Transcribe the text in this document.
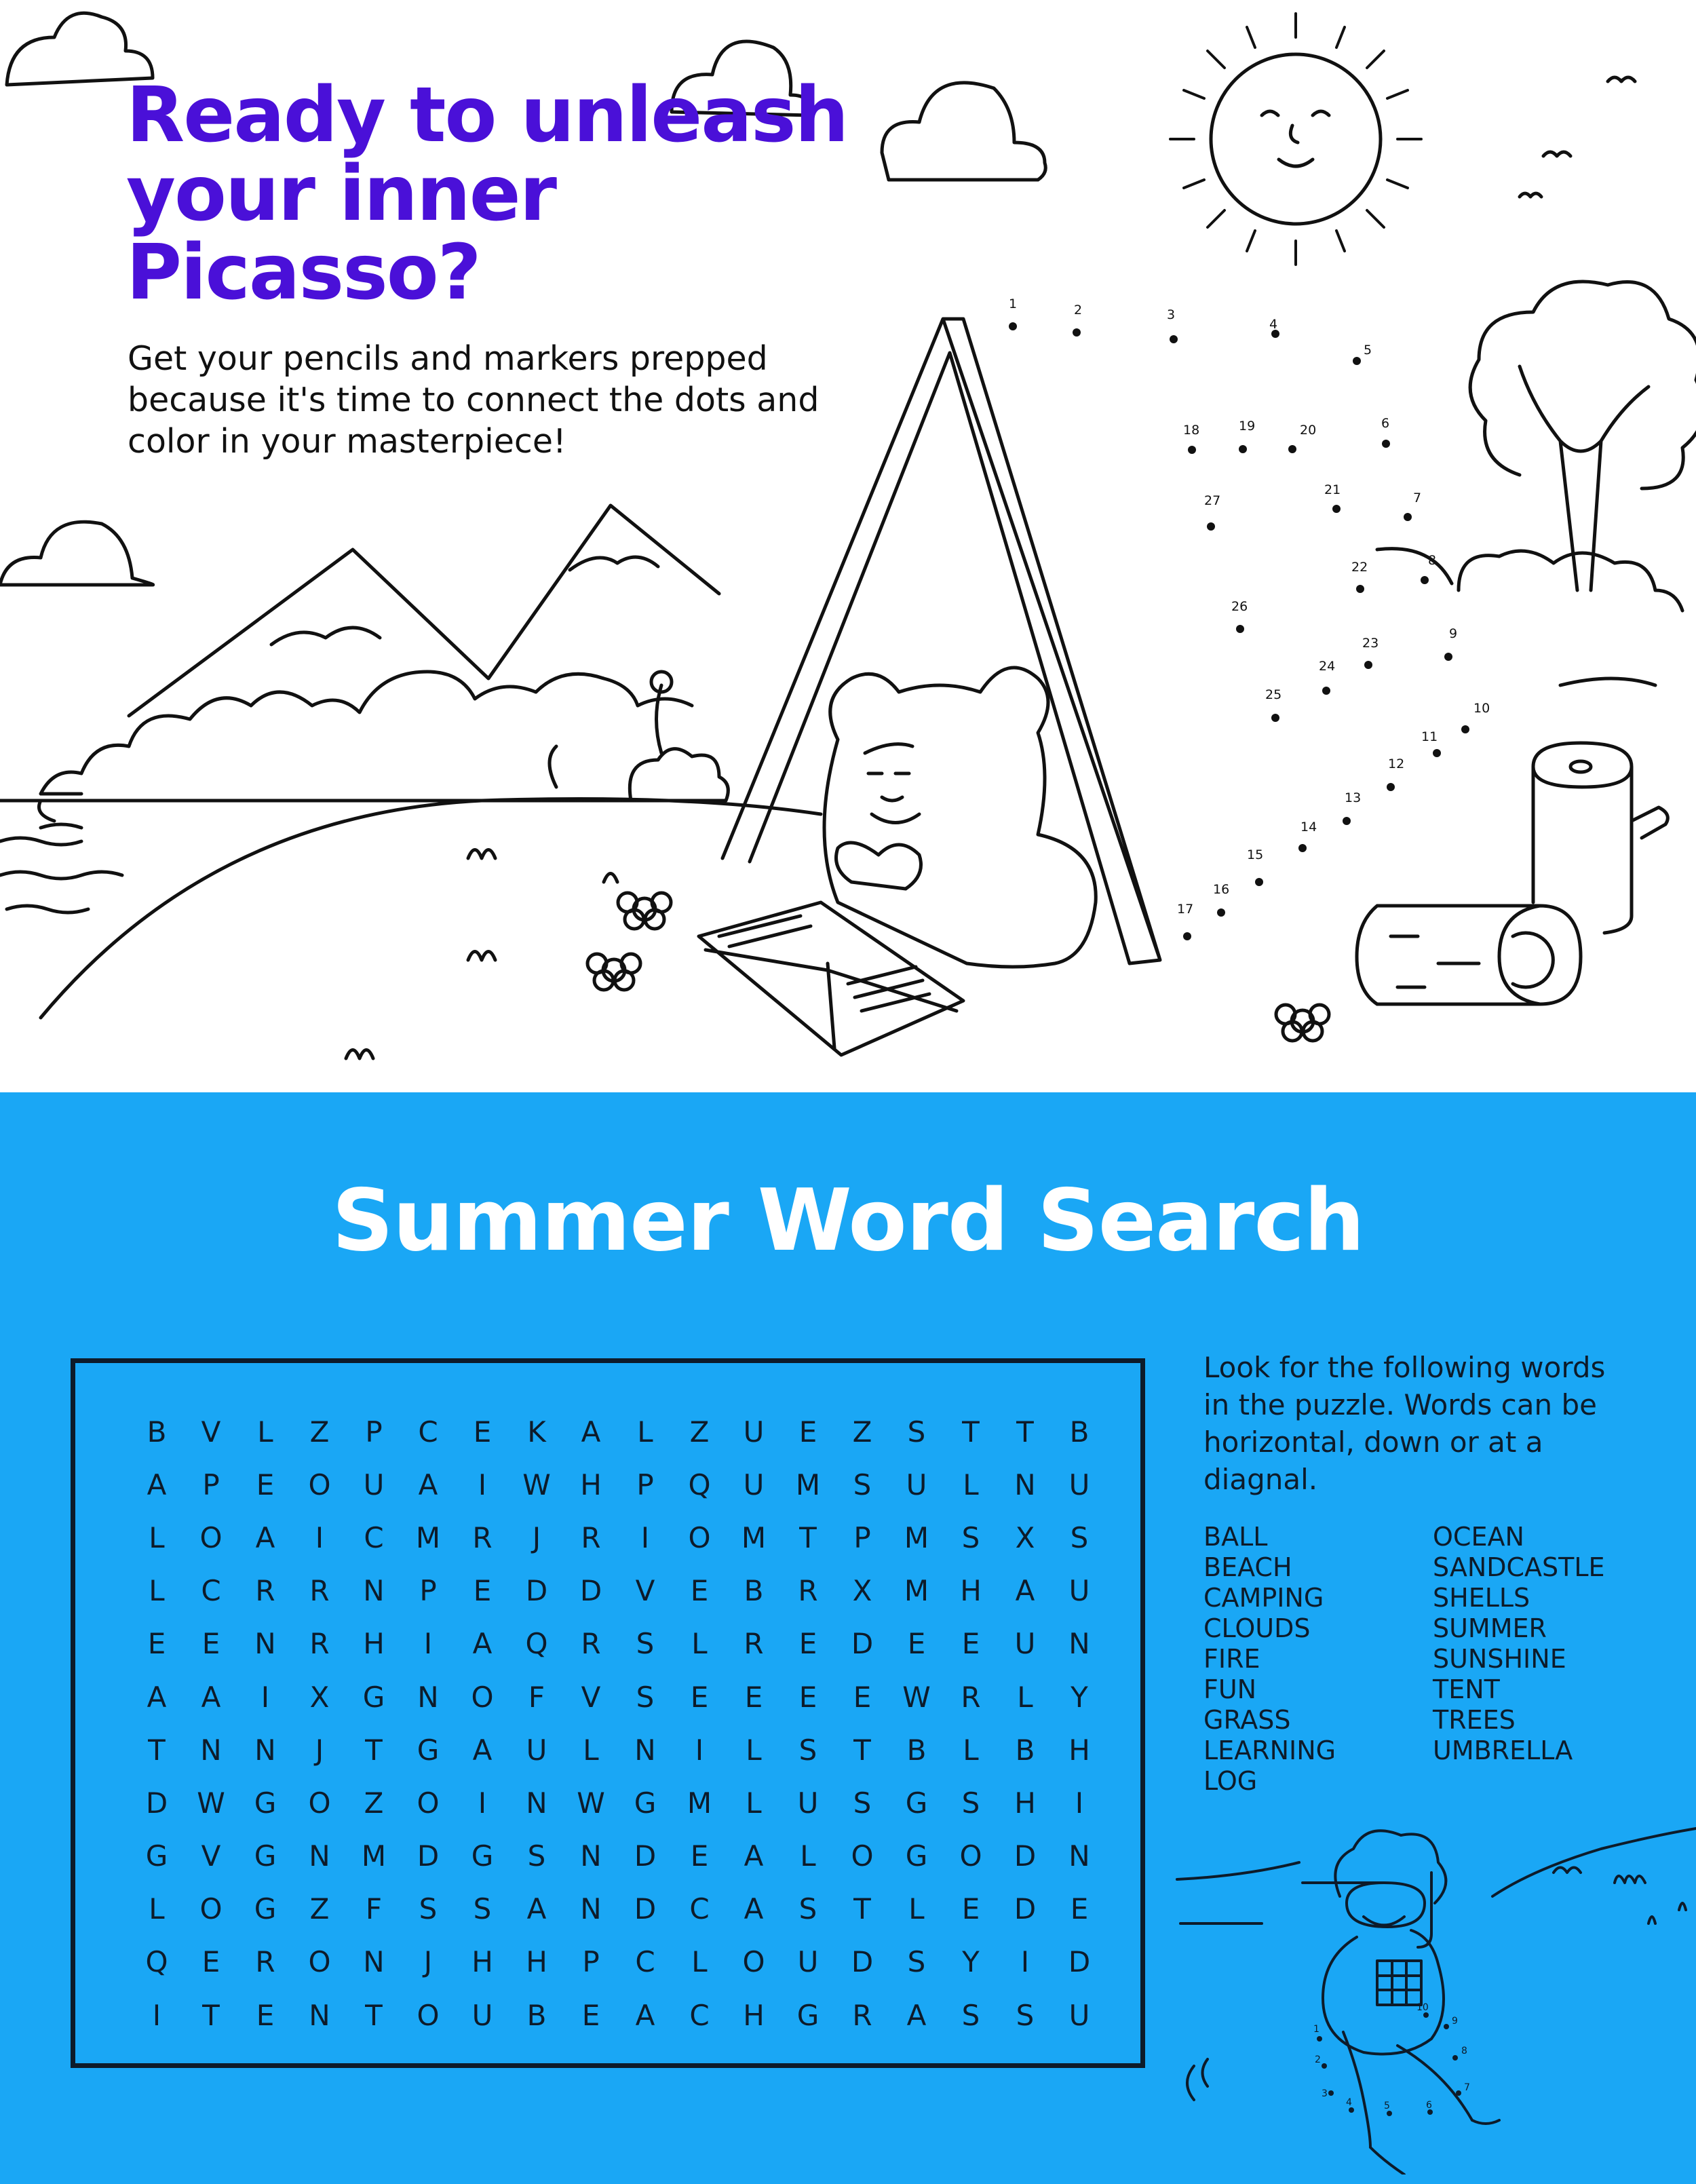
1	2	3
4
5
6
7
8
9
10
11
12
13
14
15
16
17
18	19	20
21
22
23
24
25
26
27
Ready to unleash your inner Picasso?

Get your pencils and markers prepped because it's time to connect the dots and color in your masterpiece!

Summer Word Search
B	V	L	Z	P	C	E	K	A	L	Z	U	E	Z	S	T	T	B
A	P	E	O	U	A	I	W	H	P	Q	U	M	S	U	L	N	U
L	O	A	I	C	M	R	J	R	I	O	M	T	P	M	S	X	S
L	C	R	R	N	P	E	D	D	V	E	B	R	X	M	H	A	U
E	E	N	R	H	I	A	Q	R	S	L	R	E	D	E	E	U	N
A	A	I	X	G	N	O	F	V	S	E	E	E	E	W	R	L	Y
T	N	N	J	T	G	A	U	L	N	I	L	S	T	B	L	B	H
D	W	G	O	Z	O	I	N	W	G	M	L	U	S	G	S	H	I
G	V	G	N	M	D	G	S	N	D	E	A	L	O	G	O	D	N
L	O	G	Z	F	S	S	A	N	D	C	A	S	T	L	E	D	E
Q	E	R	O	N	J	H	H	P	C	L	O	U	D	S	Y	I	D
I	T	E	N	T	O	U	B	E	A	C	H	G	R	A	S	S	U

Look for the following words in the puzzle. Words can be horizontal, down or at a diagnal.

BALL
BEACH
CAMPING
CLOUDS
FIRE
FUN
GRASS
LEARNING
LOG
OCEAN
SANDCASTLE
SHELLS
SUMMER
SUNSHINE
TENT
TREES
UMBRELLA
1
2
3
4	5	6
7
8
9
10
